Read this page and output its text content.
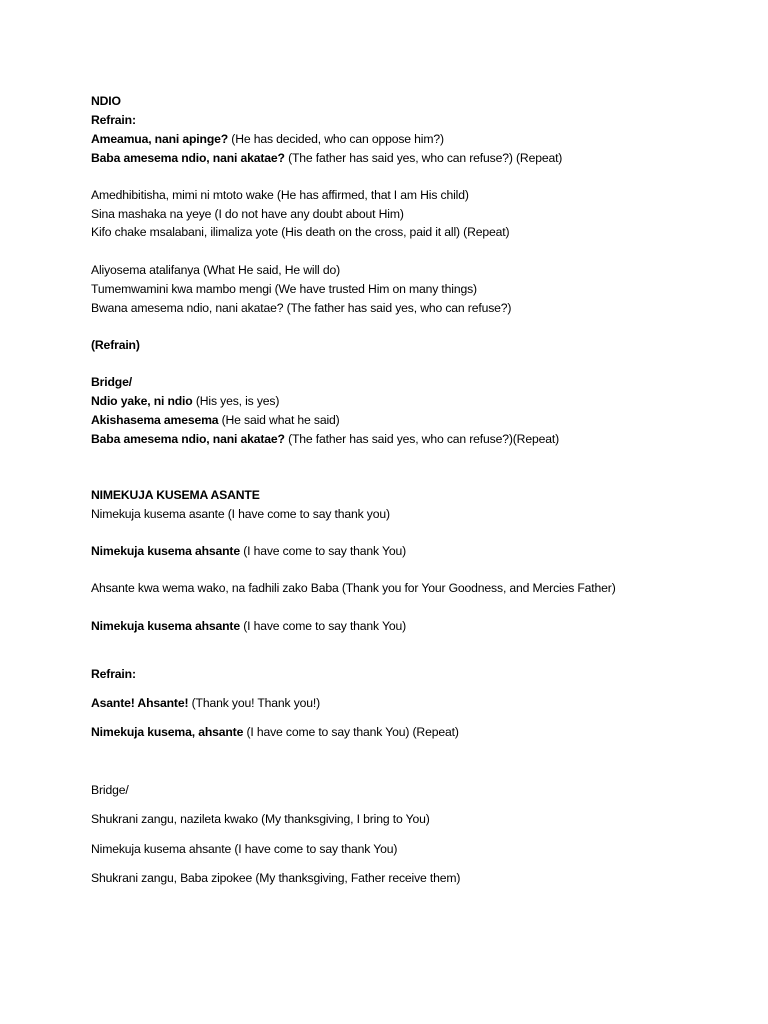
NDIO
Refrain:
Ameamua, nani apinge? (He has decided, who can oppose him?)
Baba amesema ndio, nani akatae? (The father has said yes, who can refuse?) (Repeat)
Amedhibitisha, mimi ni mtoto wake (He has affirmed, that I am His child)
Sina mashaka na yeye (I do not have any doubt about Him)
Kifo chake msalabani, ilimaliza yote (His death on the cross, paid it all) (Repeat)
Aliyosema atalifanya (What He said, He will do)
Tumemwamini kwa mambo mengi (We have trusted Him on many things)
Bwana amesema ndio, nani akatae? (The father has said yes, who can refuse?)
(Refrain)
Bridge/
Ndio yake, ni ndio (His yes, is yes)
Akishasema amesema (He said what he said)
Baba amesema ndio, nani akatae? (The father has said yes, who can refuse?)(Repeat)
NIMEKUJA KUSEMA ASANTE
Nimekuja kusema asante (I have come to say thank you)
Nimekuja kusema ahsante (I have come to say thank You)
Ahsante kwa wema wako, na fadhili zako Baba (Thank you for Your Goodness, and Mercies Father)
Nimekuja kusema ahsante (I have come to say thank You)
Refrain:
Asante! Ahsante! (Thank you! Thank you!)
Nimekuja kusema, ahsante (I have come to say thank You) (Repeat)
Bridge/
Shukrani zangu, nazileta kwako (My thanksgiving, I bring to You)
Nimekuja kusema ahsante (I have come to say thank You)
Shukrani zangu, Baba zipokee (My thanksgiving, Father receive them)
